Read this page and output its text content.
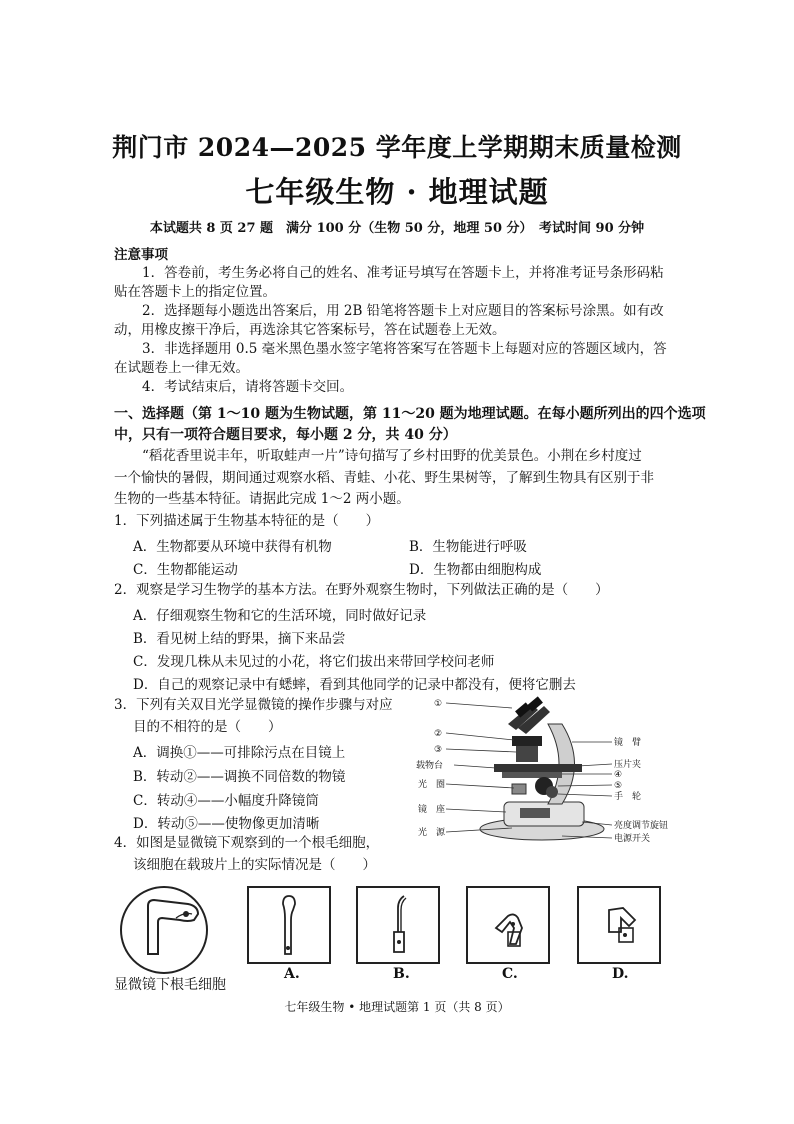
荆门市 2024—2025 学年度上学期期末质量检测
七年级生物 · 地理试题
本试题共 8 页 27 题　满分 100 分（生物 50 分，地理 50 分）　考试时间 90 分钟
注意事项
1．答卷前，考生务必将自己的姓名、准考证号填写在答题卡上，并将准考证号条形码粘
贴在答题卡上的指定位置。
2．选择题每小题选出答案后，用 2B 铅笔将答题卡上对应题目的答案标号涂黑。如有改
动，用橡皮擦干净后，再选涂其它答案标号，答在试题卷上无效。
3．非选择题用 0.5 毫米黑色墨水签字笔将答案写在答题卡上每题对应的答题区域内，答
在试题卷上一律无效。
4．考试结束后，请将答题卡交回。
一、选择题（第 1～10 题为生物试题，第 11～20 题为地理试题。在每小题所列出的四个选项
中，只有一项符合题目要求，每小题 2 分，共 40 分）
“稻花香里说丰年，听取蛙声一片”诗句描写了乡村田野的优美景色。小荆在乡村度过
一个愉快的暑假，期间通过观察水稻、青蛙、小花、野生果树等，了解到生物具有区别于非
生物的一些基本特征。请据此完成 1～2 两小题。
1．下列描述属于生物基本特征的是（　　）
A．生物都要从环境中获得有机物	B．生物能进行呼吸
C．生物都能运动	D．生物都由细胞构成
2．观察是学习生物学的基本方法。在野外观察生物时，下列做法正确的是（　　）
A．仔细观察生物和它的生活环境，同时做好记录
B．看见树上结的野果，摘下来品尝
C．发现几株从未见过的小花，将它们拔出来带回学校问老师
D．自己的观察记录中有蟋蟀，看到其他同学的记录中都没有，便将它删去
3．下列有关双目光学显微镜的操作步骤与对应
目的不相符的是（　　）
A．调换①——可排除污点在目镜上
B．转动②——调换不同倍数的物镜
C．转动④——小幅度升降镜筒
D．转动⑤——使物像更加清晰
①
②
③
载物台
光　圈
镜　座
光　源
镜　臂
压片夹
④
⑤
手　轮
亮度调节旋钮
电源开关
4．如图是显微镜下观察到的一个根毛细胞，
该细胞在载玻片上的实际情况是（　　）
显微镜下根毛细胞
A.	B.	C.	D.
七年级生物 • 地理试题第 1 页（共 8 页）
